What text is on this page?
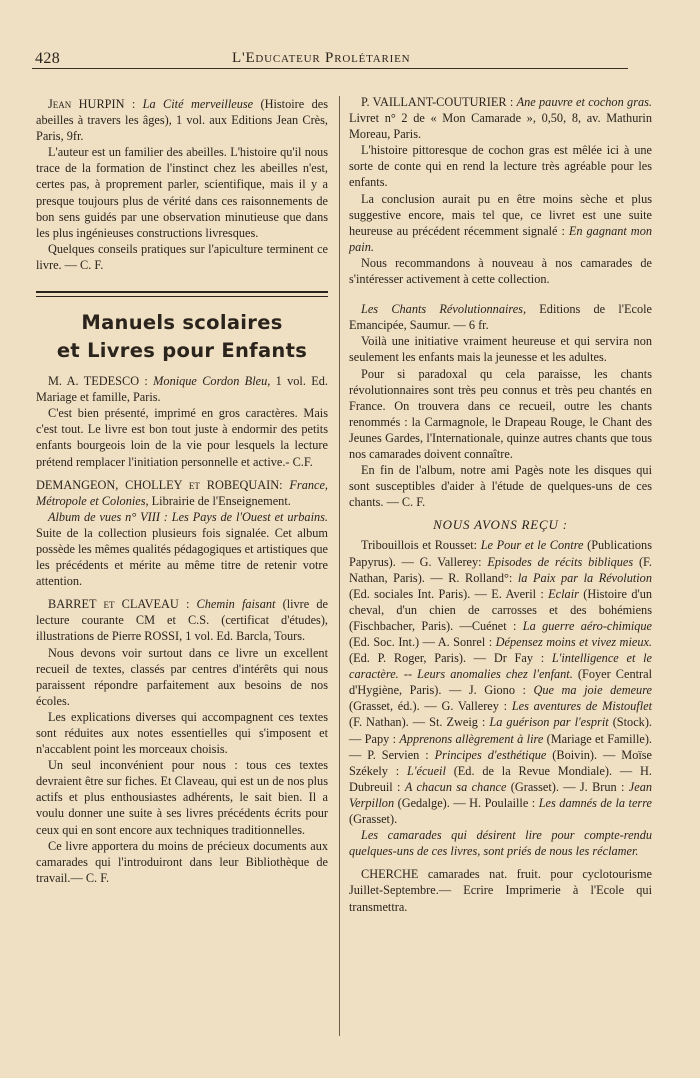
428	L'Educateur Prolétarien

Jean HURPIN : La Cité merveilleuse (Histoire des abeilles à travers les âges), 1 vol. aux Editions Jean Crès, Paris, 9fr.

L'auteur est un familier des abeilles. L'histoire qu'il nous trace de la formation de l'instinct chez les abeilles n'est, certes pas, à proprement parler, scientifique, mais il y a presque toujours plus de vérité dans ces raisonnements de bon sens guidés par une observation minutieuse que dans les plus ingénieuses constructions livresques.

Quelques conseils pratiques sur l'apiculture terminent ce livre. — C. F.

Manuels scolaires
et Livres pour Enfants

M. A. TEDESCO : Monique Cordon Bleu, 1 vol. Ed. Mariage et famille, Paris.

C'est bien présenté, imprimé en gros caractères. Mais c'est tout. Le livre est bon tout juste à endormir des petits enfants bourgeois loin de la vie pour lesquels la lecture prétend remplacer l'initiation personnelle et active.- C.F.

DEMANGEON, CHOLLEY et ROBEQUAIN: France, Métropole et Colonies, Librairie de l'Enseignement.

Album de vues n° VIII : Les Pays de l'Ouest et urbains. Suite de la collection plusieurs fois signalée. Cet album possède les mêmes qualités pédagogiques et artistiques que les précédents et mérite au même titre de retenir votre attention.

BARRET et CLAVEAU : Chemin faisant (livre de lecture courante CM et C.S. (certificat d'études), illustrations de Pierre ROSSI, 1 vol. Ed. Barcla, Tours.

Nous devons voir surtout dans ce livre un excellent recueil de textes, classés par centres d'intérêts qui nous paraissent répondre parfaitement aux besoins de nos écoles.

Les explications diverses qui accompagnent ces textes sont réduites aux notes essentielles qui s'imposent et n'accablent point les morceaux choisis.

Un seul inconvénient pour nous : tous ces textes devraient être sur fiches. Et Claveau, qui est un de nos plus actifs et plus enthousiastes adhérents, le sait bien. Il a voulu donner une suite à ses livres précédents écrits pour ceux qui en sont encore aux techniques traditionnelles.

Ce livre apportera du moins de précieux documents aux camarades qui l'introduiront dans leur Bibliothèque de travail.— C. F.

P. VAILLANT-COUTURIER : Ane pauvre et cochon gras. Livret n° 2 de « Mon Camarade », 0,50, 8, av. Mathurin Moreau, Paris.

L'histoire pittoresque de cochon gras est mêlée ici à une sorte de conte qui en rend la lecture très agréable pour les enfants.

La conclusion aurait pu en être moins sèche et plus suggestive encore, mais tel que, ce livret est une suite heureuse au précédent récemment signalé : En gagnant mon pain.

Nous recommandons à nouveau à nos camarades de s'intéresser activement à cette collection.

Les Chants Révolutionnaires, Editions de l'Ecole Emancipée, Saumur. — 6 fr.

Voilà une initiative vraiment heureuse et qui servira non seulement les enfants mais la jeunesse et les adultes.

Pour si paradoxal qu cela paraisse, les chants révolutionnaires sont très peu connus et très peu chantés en France. On trouvera dans ce recueil, outre les chants renommés : la Carmagnole, le Drapeau Rouge, le Chant des Jeunes Gardes, l'Internationale, quinze autres chants que tous nos camarades doivent connaître.

En fin de l'album, notre ami Pagès note les disques qui sont susceptibles d'aider à l'étude de quelques-uns de ces chants. — C. F.

NOUS AVONS REÇU :

Tribouillois et Rousset: Le Pour et le Contre (Publications Papyrus). — G. Vallerey: Episodes de récits bibliques (F. Nathan, Paris). — R. Rolland°: la Paix par la Révolution (Ed. sociales Int. Paris). — E. Averil : Eclair (Histoire d'un cheval, d'un chien de carrosses et des bohémiens (Fischbacher, Paris). —Cuénet : La guerre aéro-chimique (Ed. Soc. Int.) — A. Sonrel : Dépensez moins et vivez mieux. (Ed. P. Roger, Paris). — Dr Fay : L'intelligence et le caractère. -- Leurs anomalies chez l'enfant. (Foyer Central d'Hygiène, Paris). — J. Giono : Que ma joie demeure (Grasset, éd.). — G. Vallerey : Les aventures de Mistouflet (F. Nathan). — St. Zweig : La guérison par l'esprit (Stock). — Papy : Apprenons allègrement à lire (Mariage et Famille). — P. Servien : Principes d'esthétique (Boivin). — Moïse Székely : L'écueil (Ed. de la Revue Mondiale). — H. Dubreuil : A chacun sa chance (Grasset). — J. Brun : Jean Verpillon (Gedalge). — H. Poulaille : Les damnés de la terre (Grasset).

Les camarades qui désirent lire pour compte-rendu quelques-uns de ces livres, sont priés de nous les réclamer.

CHERCHE camarades nat. fruit. pour cyclotourisme Juillet-Septembre.— Ecrire Imprimerie à l'Ecole qui transmettra.
